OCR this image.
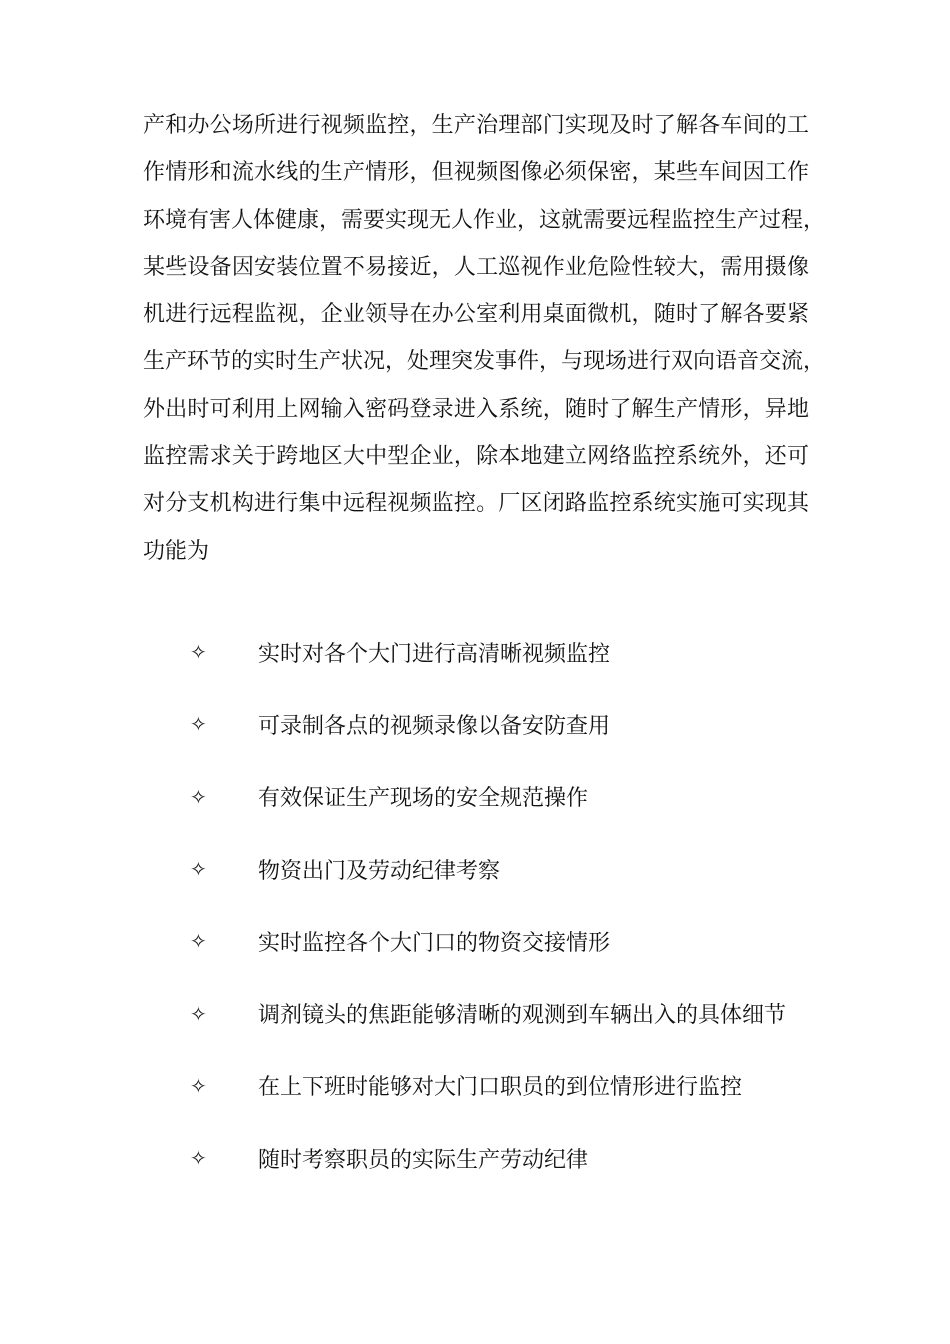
产和办公场所进行视频监控，生产治理部门实现及时了解各车间的工
作情形和流水线的生产情形，但视频图像必须保密，某些车间因工作
环境有害人体健康，需要实现无人作业，这就需要远程监控生产过程，
某些设备因安装位置不易接近，人工巡视作业危险性较大，需用摄像
机进行远程监视，企业领导在办公室利用桌面微机，随时了解各要紧
生产环节的实时生产状况，处理突发事件，与现场进行双向语音交流，
外出时可利用上网输入密码登录进入系统，随时了解生产情形，异地
监控需求关于跨地区大中型企业，除本地建立网络监控系统外，还可
对分支机构进行集中远程视频监控。厂区闭路监控系统实施可实现其
功能为
✧	实时对各个大门进行高清晰视频监控
✧	可录制各点的视频录像以备安防查用
✧	有效保证生产现场的安全规范操作
✧	物资出门及劳动纪律考察
✧	实时监控各个大门口的物资交接情形
✧	调剂镜头的焦距能够清晰的观测到车辆出入的具体细节
✧	在上下班时能够对大门口职员的到位情形进行监控
✧	随时考察职员的实际生产劳动纪律
